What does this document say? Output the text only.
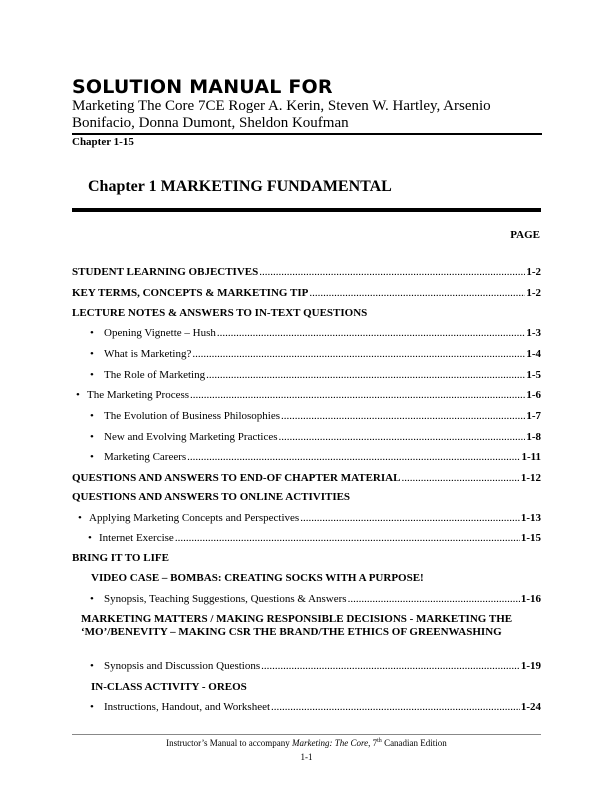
SOLUTION MANUAL FOR
Marketing The Core 7CE Roger A. Kerin, Steven W. Hartley, Arsenio Bonifacio, Donna Dumont, Sheldon Koufman
Chapter 1-15
Chapter 1 MARKETING FUNDAMENTAL
PAGE
STUDENT LEARNING OBJECTIVES .....	1-2
KEY TERMS, CONCEPTS & MARKETING TIP .....	1-2
LECTURE NOTES & ANSWERS TO IN-TEXT QUESTIONS
• Opening Vignette – Hush .....	1-3
• What is Marketing? .....	1-4
• The Role of Marketing .....	1-5
• The Marketing Process .....	1-6
• The Evolution of Business Philosophies .....	1-7
• New and Evolving Marketing Practices .....	1-8
• Marketing Careers .....	1-11
QUESTIONS AND ANSWERS TO END-OF CHAPTER MATERIAL .....	1-12
QUESTIONS AND ANSWERS TO ONLINE ACTIVITIES
• Applying Marketing Concepts and Perspectives .....	1-13
• Internet Exercise .....	1-15
BRING IT TO LIFE
VIDEO CASE – BOMBAS: CREATING SOCKS WITH A PURPOSE!
• Synopsis, Teaching Suggestions, Questions & Answers .....	1-16
MARKETING MATTERS / MAKING RESPONSIBLE DECISIONS - MARKETING THE ‘MO’/BENEVITY – MAKING CSR THE BRAND/THE ETHICS OF GREENWASHING
• Synopsis and Discussion Questions .....	1-19
IN-CLASS ACTIVITY - OREOS
• Instructions, Handout, and Worksheet .....	1-24
Instructor’s Manual to accompany Marketing: The Core, 7th Canadian Edition
1-1
